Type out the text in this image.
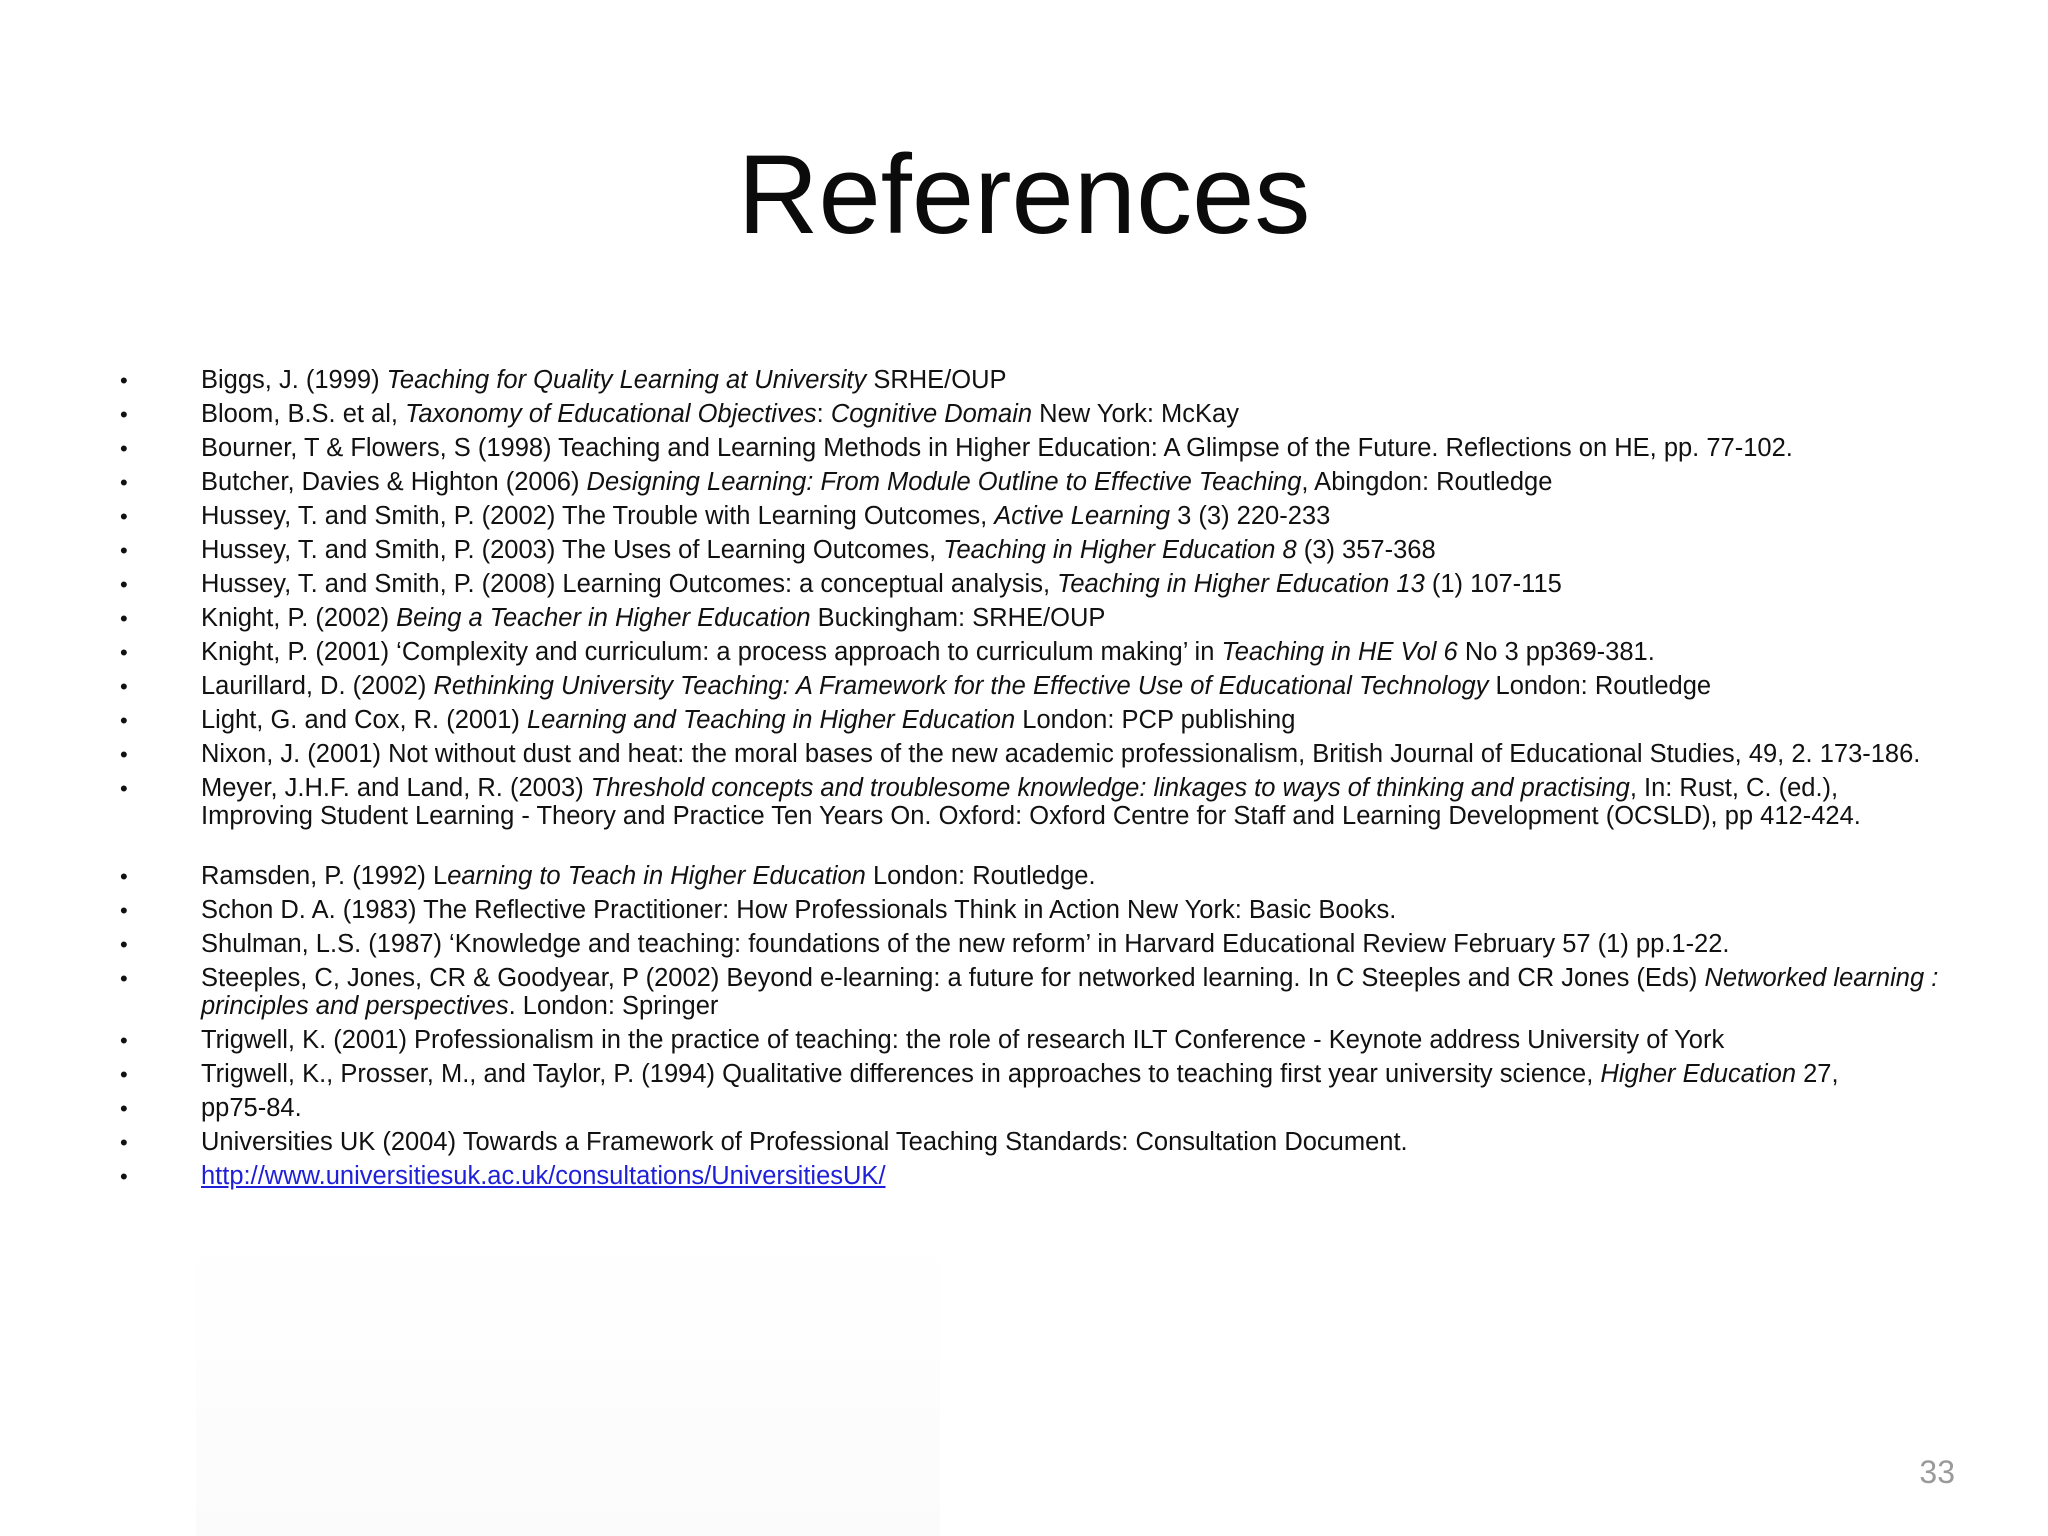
References
•	Biggs, J. (1999) Teaching for Quality Learning at University SRHE/OUP
•	Bloom, B.S. et al, Taxonomy of Educational Objectives: Cognitive Domain New York: McKay
•	Bourner, T & Flowers, S (1998) Teaching and Learning Methods in Higher Education: A Glimpse of the Future. Reflections on HE, pp. 77-102.
•	Butcher, Davies & Highton (2006) Designing Learning: From Module Outline to Effective Teaching, Abingdon: Routledge
•	Hussey, T. and Smith, P. (2002) The Trouble with Learning Outcomes, Active Learning 3 (3) 220-233
•	Hussey, T. and Smith, P. (2003) The Uses of Learning Outcomes, Teaching in Higher Education 8 (3) 357-368
•	Hussey, T. and Smith, P. (2008) Learning Outcomes: a conceptual analysis, Teaching in Higher Education 13 (1) 107-115
•	Knight, P. (2002) Being a Teacher in Higher Education Buckingham: SRHE/OUP
•	Knight, P. (2001) ‘Complexity and curriculum: a process approach to curriculum making’ in Teaching in HE Vol 6 No 3 pp369-381.
•	Laurillard, D. (2002) Rethinking University Teaching: A Framework for the Effective Use of Educational Technology London: Routledge
•	Light, G. and Cox, R. (2001) Learning and Teaching in Higher Education London: PCP publishing
•	Nixon, J. (2001) Not without dust and heat: the moral bases of the new academic professionalism, British Journal of Educational Studies, 49, 2. 173-186.
•	Meyer, J.H.F. and Land, R. (2003) Threshold concepts and troublesome knowledge: linkages to ways of thinking and practising, In: Rust, C. (ed.), Improving Student Learning - Theory and Practice Ten Years On. Oxford: Oxford Centre for Staff and Learning Development (OCSLD), pp 412-424.
•	Ramsden, P. (1992) Learning to Teach in Higher Education London: Routledge.
•	Schon D. A. (1983) The Reflective Practitioner: How Professionals Think in Action New York: Basic Books.
•	Shulman, L.S. (1987) ‘Knowledge and teaching: foundations of the new reform’ in Harvard Educational Review February 57 (1) pp.1-22.
•	Steeples, C, Jones, CR & Goodyear, P (2002) Beyond e-learning: a future for networked learning. In C Steeples and CR Jones (Eds) Networked learning : principles and perspectives. London: Springer
•	Trigwell, K. (2001) Professionalism in the practice of teaching: the role of research ILT Conference - Keynote address University of York
•	Trigwell, K., Prosser, M., and Taylor, P. (1994) Qualitative differences in approaches to teaching first year university science, Higher Education 27,
•	pp75-84.
•	Universities UK (2004) Towards a Framework of Professional Teaching Standards: Consultation Document.
•	http://www.universitiesuk.ac.uk/consultations/UniversitiesUK/
33
